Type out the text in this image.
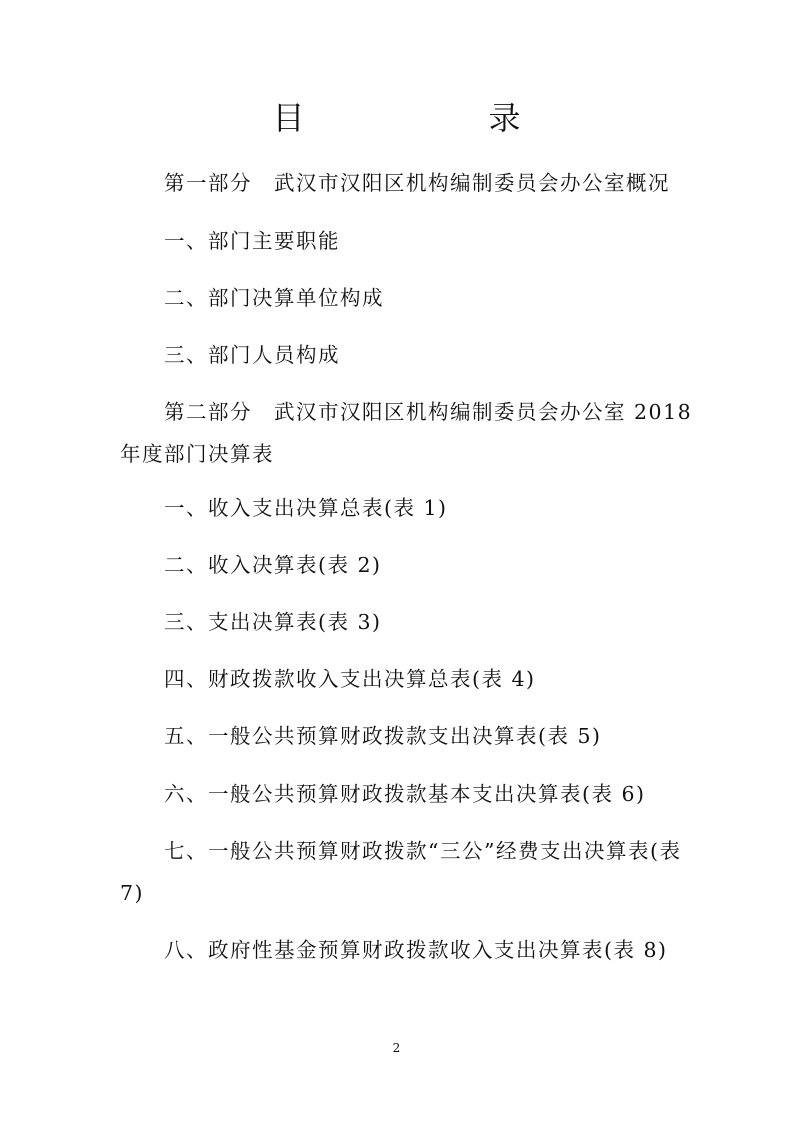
目　　录
第一部分　武汉市汉阳区机构编制委员会办公室概况
一、部门主要职能
二、部门决算单位构成
三、部门人员构成
第二部分　武汉市汉阳区机构编制委员会办公室 2018
年度部门决算表
一、收入支出决算总表(表 1)
二、收入决算表(表 2)
三、支出决算表(表 3)
四、财政拨款收入支出决算总表(表 4)
五、一般公共预算财政拨款支出决算表(表 5)
六、一般公共预算财政拨款基本支出决算表(表 6)
七、一般公共预算财政拨款“三公”经费支出决算表(表
7)
八、政府性基金预算财政拨款收入支出决算表(表 8)
2
